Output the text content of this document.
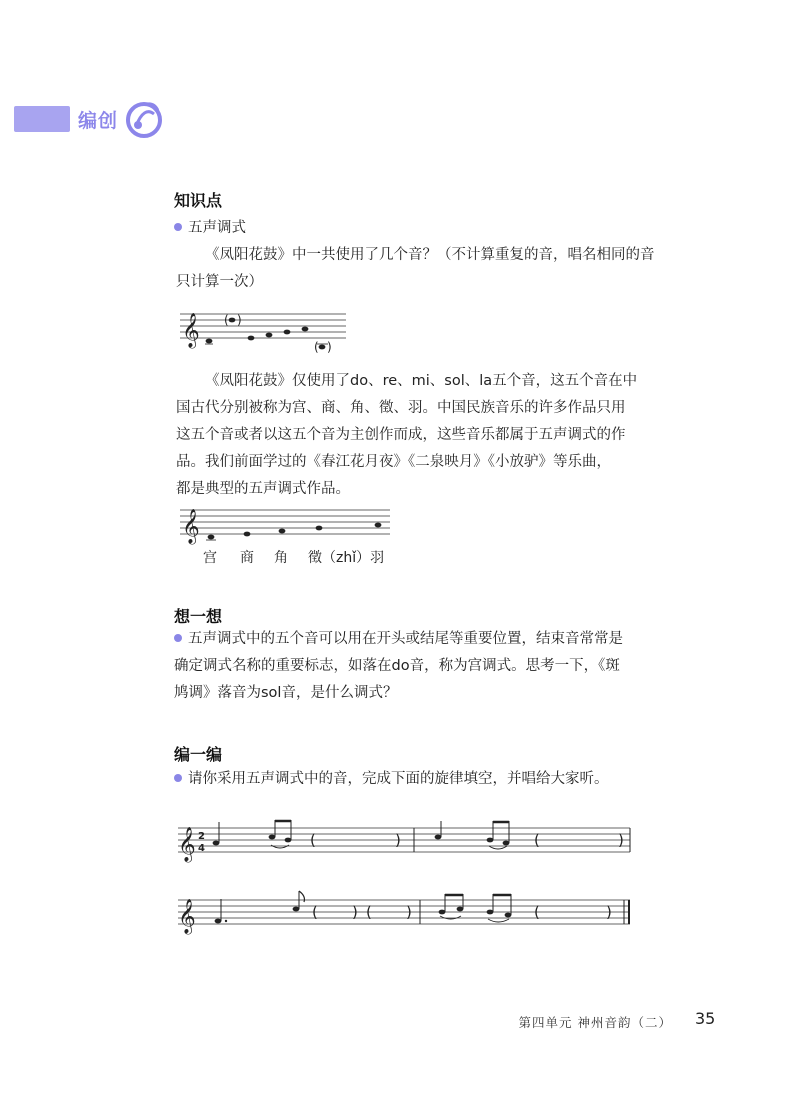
编创
知识点
五声调式
《凤阳花鼓》中一共使用了几个音？（不计算重复的音，唱名相同的音只计算一次）
𝄞 ( )
( )
《凤阳花鼓》仅使用了do、re、mi、sol、la五个音，这五个音在中
国古代分别被称为宫、商、角、徵、羽。中国民族音乐的许多作品只用
这五个音或者以这五个音为主创作而成，这些音乐都属于五声调式的作
品。我们前面学过的《春江花月夜》《二泉映月》《小放驴》等乐曲，
都是典型的五声调式作品。
𝄞
宫 商 角 徵（zhǐ）羽
想一想
五声调式中的五个音可以用在开头或结尾等重要位置，结束音常常是
确定调式名称的重要标志，如落在do音，称为宫调式。思考一下，《斑
鸠调》落音为sol音，是什么调式？
编一编
请你采用五声调式中的音，完成下面的旋律填空，并唱给大家听。
𝄞 2
4	(	)	(	)
𝄞	( ) ( )	(	)
第四单元 神州音韵（二） 35
